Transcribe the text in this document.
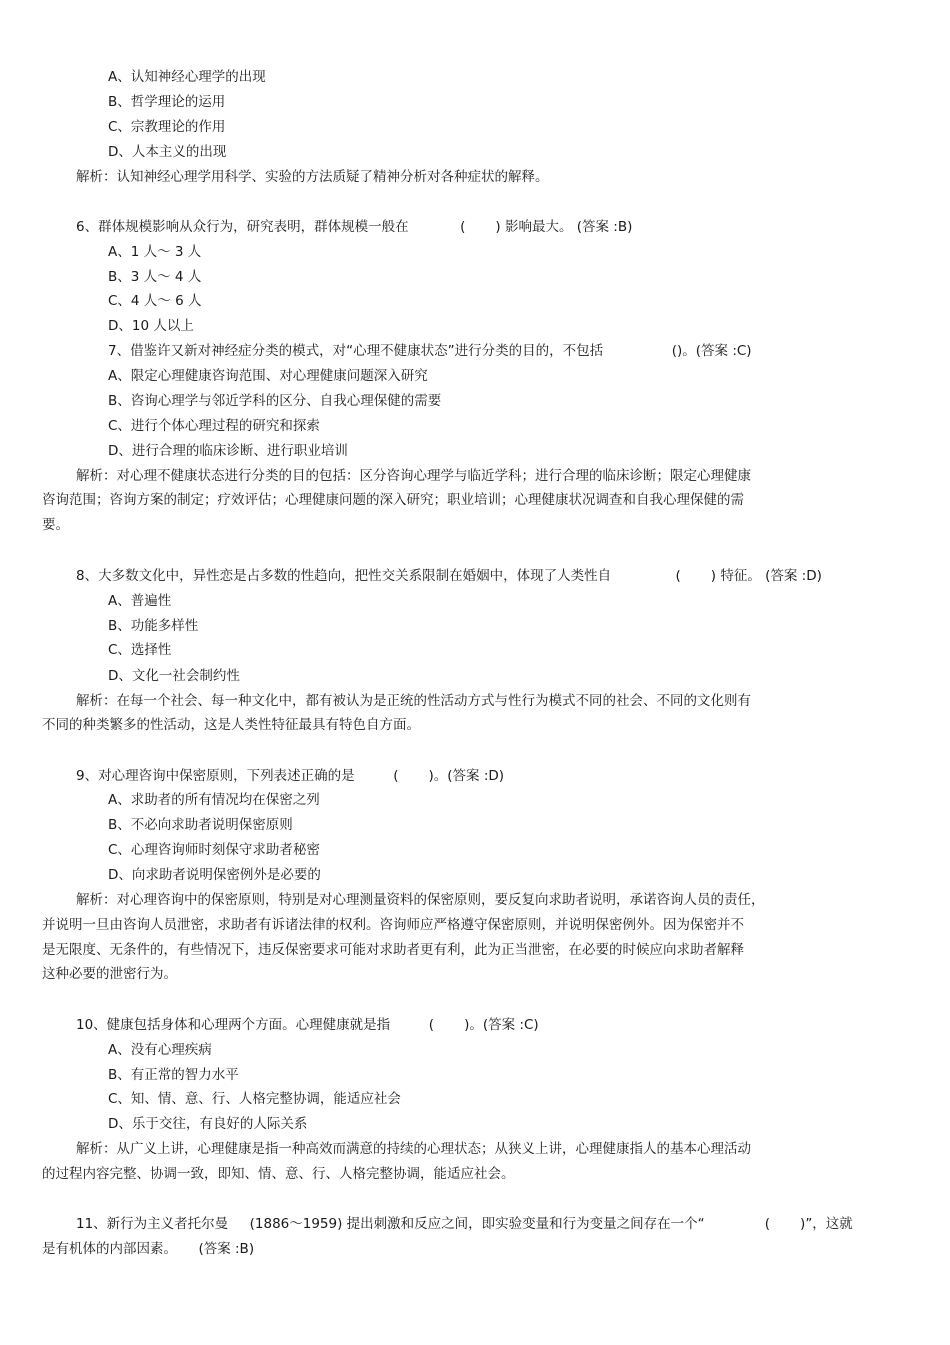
A、认知神经心理学的出现
B、哲学理论的运用
C、宗教理论的作用
D、人本主义的出现
解析：认知神经心理学用科学、实验的方法质疑了精神分析对各种症状的解释。
6、群体规模影响从众行为，研究表明，群体规模一般在            (       ) 影响最大。 (答案 :B)
A、1 人～ 3 人
B、3 人～ 4 人
C、4 人～ 6 人
D、10 人以上
7、借鉴许又新对神经症分类的模式，对“心理不健康状态”进行分类的目的，不包括                ()。(答案 :C)
A、限定心理健康咨询范围、对心理健康问题深入研究
B、咨询心理学与邻近学科的区分、自我心理保健的需要
C、进行个体心理过程的研究和探索
D、进行合理的临床诊断、进行职业培训
解析：对心理不健康状态进行分类的目的包括：区分咨询心理学与临近学科；进行合理的临床诊断；限定心理健康
咨询范围；咨询方案的制定；疗效评估；心理健康问题的深入研究；职业培训；心理健康状况调查和自我心理保健的需
要。
8、大多数文化中，异性恋是占多数的性趋向，把性交关系限制在婚姻中，体现了人类性自               (       ) 特征。 (答案 :D)
A、普遍性
B、功能多样性
C、选择性
D、文化一社会制约性
解析：在每一个社会、每一种文化中，都有被认为是正统的性活动方式与性行为模式不同的社会、不同的文化则有
不同的种类繁多的性活动，这是人类性特征最具有特色自方面。
9、对心理咨询中保密原则，下列表述正确的是         (       )。(答案 :D)
A、求助者的所有情况均在保密之列
B、不必向求助者说明保密原则
C、心理咨询师时刻保守求助者秘密
D、向求助者说明保密例外是必要的
解析：对心理咨询中的保密原则，特别是对心理测量资料的保密原则，要反复向求助者说明，承诺咨询人员的责任，
并说明一旦由咨询人员泄密，求助者有诉诸法律的权利。咨询师应严格遵守保密原则，并说明保密例外。因为保密并不
是无限度、无条件的，有些情况下，违反保密要求可能对求助者更有利，此为正当泄密，在必要的时候应向求助者解释
这种必要的泄密行为。
10、健康包括身体和心理两个方面。心理健康就是指         (       )。(答案 :C)
A、没有心理疾病
B、有正常的智力水平
C、知、情、意、行、人格完整协调，能适应社会
D、乐于交往，有良好的人际关系
解析：从广义上讲，心理健康是指一种高效而满意的持续的心理状态；从狭义上讲，心理健康指人的基本心理活动
的过程内容完整、协调一致，即知、情、意、行、人格完整协调，能适应社会。
11、新行为主义者托尔曼     (1886～1959) 提出刺激和反应之间，即实验变量和行为变量之间存在一个“              (       )”，这就
是有机体的内部因素。     (答案 :B)
